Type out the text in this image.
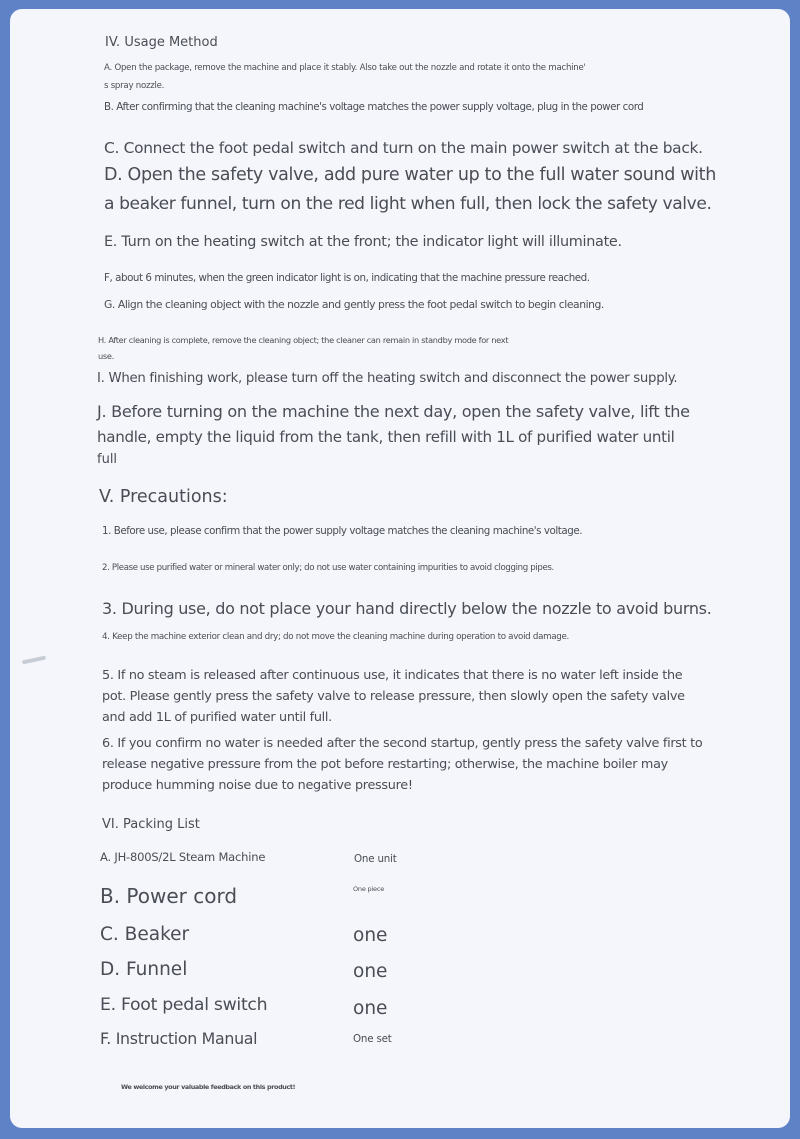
IV. Usage Method
A. Open the package, remove the machine and place it stably. Also take out the nozzle and rotate it onto the machine'
s spray nozzle.
B. After confirming that the cleaning machine's voltage matches the power supply voltage, plug in the power cord
C. Connect the foot pedal switch and turn on the main power switch at the back.
D. Open the safety valve, add pure water up to the full water sound with
a beaker funnel, turn on the red light when full, then lock the safety valve.
E. Turn on the heating switch at the front; the indicator light will illuminate.
F, about 6 minutes, when the green indicator light is on, indicating that the machine pressure reached.
G. Align the cleaning object with the nozzle and gently press the foot pedal switch to begin cleaning.
H. After cleaning is complete, remove the cleaning object; the cleaner can remain in standby mode for next
use.
I. When finishing work, please turn off the heating switch and disconnect the power supply.
J. Before turning on the machine the next day, open the safety valve, lift the
handle, empty the liquid from the tank, then refill with 1L of purified water until
full
V. Precautions:
1. Before use, please confirm that the power supply voltage matches the cleaning machine's voltage.
2. Please use purified water or mineral water only; do not use water containing impurities to avoid clogging pipes.
3. During use, do not place your hand directly below the nozzle to avoid burns.
4. Keep the machine exterior clean and dry; do not move the cleaning machine during operation to avoid damage.
5. If no steam is released after continuous use, it indicates that there is no water left inside the
pot. Please gently press the safety valve to release pressure, then slowly open the safety valve
and add 1L of purified water until full.
6. If you confirm no water is needed after the second startup, gently press the safety valve first to
release negative pressure from the pot before restarting; otherwise, the machine boiler may
produce humming noise due to negative pressure!
VI. Packing List
A. JH-800S/2L Steam Machine	One unit
B. Power cord	One piece
C. Beaker	one
D. Funnel	one
E. Foot pedal switch	one
F. Instruction Manual	One set
We welcome your valuable feedback on this product!
